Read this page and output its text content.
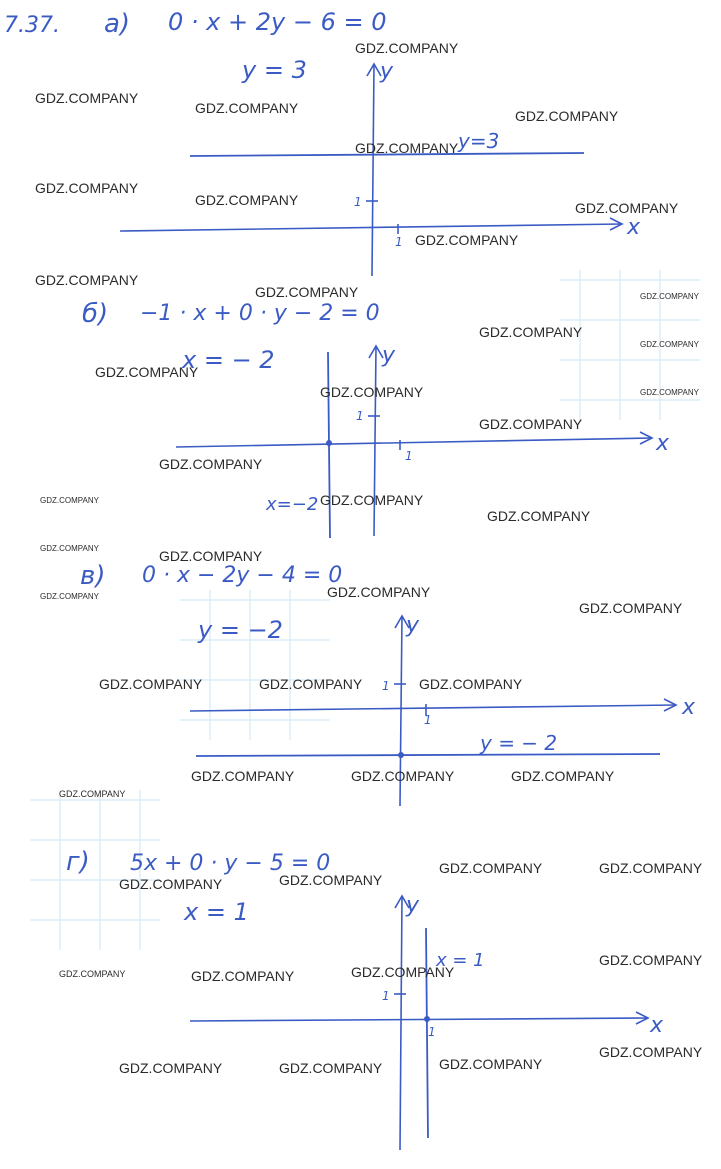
7.37. а) 0 · x + 2y − 6 = 0
y = 3
x
y
1
1
y=3
б) −1 · x + 0 · y − 2 = 0
x = − 2
x
y
1
1
x=−2
в) 0 · x − 2y − 4 = 0
y = −2
x
y
1
1
y = − 2
г) 5x + 0 · y − 5 = 0
x = 1
x
y
1
1
x = 1
GDZ.COMPANY
GDZ.COMPANY
GDZ.COMPANY	GDZ.COMPANY
GDZ.COMPANY
GDZ.COMPANY
GDZ.COMPANY	GDZ.COMPANY
GDZ.COMPANY
GDZ.COMPANY
GDZ.COMPANY	GDZ.COMPANY
GDZ.COMPANY
GDZ.COMPANY
GDZ.COMPANY
GDZ.COMPANY	GDZ.COMPANY
GDZ.COMPANY
GDZ.COMPANY
GDZ.COMPANY	GDZ.COMPANY
GDZ.COMPANY
GDZ.COMPANY	GDZ.COMPANY
GDZ.COMPANY	GDZ.COMPANY
GDZ.COMPANY
GDZ.COMPANY	GDZ.COMPANY	GDZ.COMPANY
GDZ.COMPANY	GDZ.COMPANY	GDZ.COMPANY
GDZ.COMPANY
GDZ.COMPANY	GDZ.COMPANY
GDZ.COMPANY
GDZ.COMPANY
GDZ.COMPANY
GDZ.COMPANY	GDZ.COMPANY
GDZ.COMPANY
GDZ.COMPANY
GDZ.COMPANY
GDZ.COMPANY	GDZ.COMPANY
